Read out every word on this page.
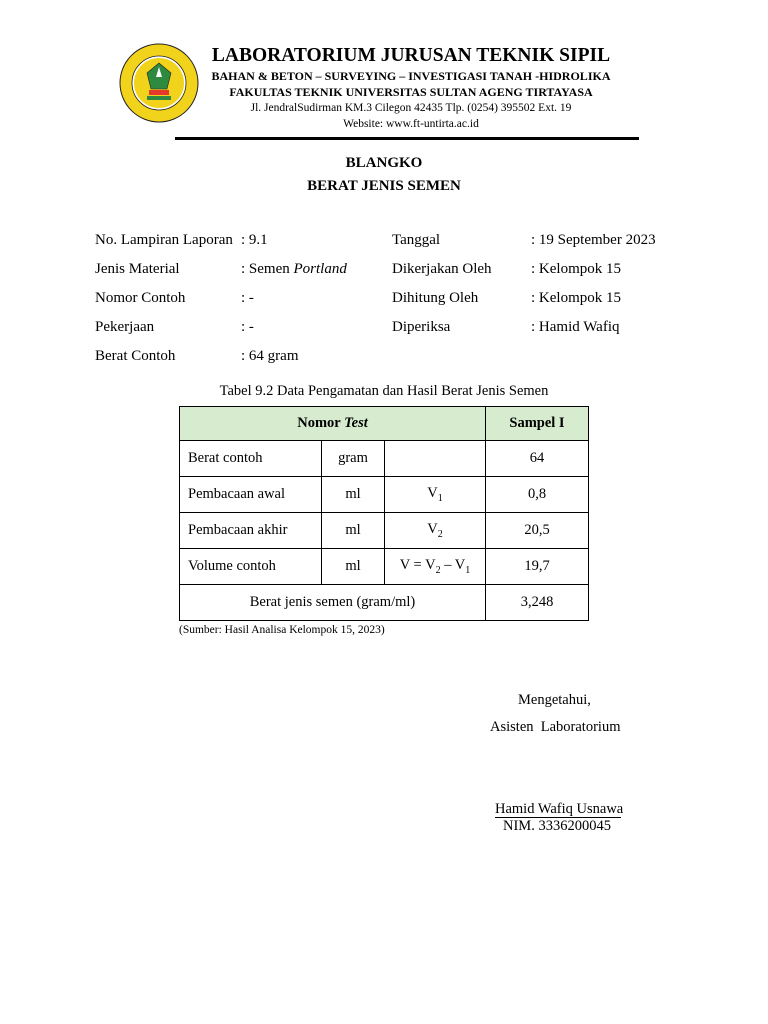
LABORATORIUM JURUSAN TEKNIK SIPIL
BAHAN & BETON – SURVEYING – INVESTIGASI TANAH -HIDROLIKA
FAKULTAS TEKNIK UNIVERSITAS SULTAN AGENG TIRTAYASA
Jl. JendralSudirman KM.3 Cilegon 42435 Tlp. (0254) 395502 Ext. 19
Website: www.ft-untirta.ac.id
BLANGKO
BERAT JENIS SEMEN
No. Lampiran Laporan : 9.1
Jenis Material	: Semen Portland
Nomor Contoh	: -
Pekerjaan	: -
Berat Contoh	: 64 gram
Tanggal	: 19 September 2023
Dikerjakan Oleh	: Kelompok 15
Dihitung Oleh	: Kelompok 15
Diperiksa	: Hamid Wafiq
Tabel 9.2 Data Pengamatan dan Hasil Berat Jenis Semen
Nomor Test			Sampel I
Berat contoh	gram		64
Pembacaan awal	ml	$V_1$	0,8
Pembacaan akhir	ml	$V_2$	20,5
Volume contoh	ml	$V = V_2 - V_1$	19,7
Berat jenis semen (gram/ml)			3,248
(Sumber: Hasil Analisa Kelompok 15, 2023)
Mengetahui,
Asisten  Laboratorium
Hamid Wafiq Usnawa
NIM. 3336200045
